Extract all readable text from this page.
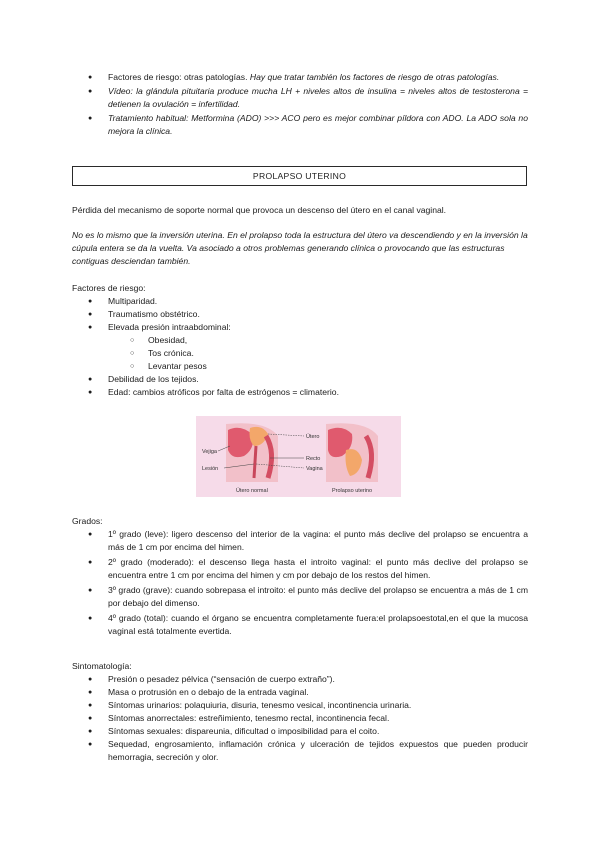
● Factores de riesgo: otras patologías. Hay que tratar también los factores de riesgo de otras patologías.
● Vídeo: la glándula pituitaria produce mucha LH + niveles altos de insulina = niveles altos de testosterona = detienen la ovulación = infertilidad.
● Tratamiento habitual: Metformina (ADO) >>> ACO pero es mejor combinar píldora con ADO. La ADO sola no mejora la clínica.
PROLAPSO UTERINO
Pérdida del mecanismo de soporte normal que provoca un descenso del útero en el canal vaginal.
No es lo mismo que la inversión uterina. En el prolapso toda la estructura del útero va descendiendo y en la inversión la cúpula entera se da la vuelta. Va asociado a otros problemas generando clínica o provocando que las estructuras contiguas desciendan también.
Factores de riesgo:
● Multiparidad.
● Traumatismo obstétrico.
● Elevada presión intraabdominal:
○ Obesidad,
○ Tos crónica.
○ Levantar pesos
● Debilidad de los tejidos.
● Edad: cambios atróficos por falta de estrógenos = climaterio.
Útero
Vejiga
Recto
Lesión	Vagina
Útero normal	Prolapso uterino
Grados:
● 1º grado (leve): ligero descenso del interior de la vagina: el punto más declive del prolapso se encuentra a más de 1 cm por encima del himen.
● 2º grado (moderado): el descenso llega hasta el introito vaginal: el punto más declive del prolapso se encuentra entre 1 cm por encima del himen y cm por debajo de los restos del himen.
● 3º grado (grave): cuando sobrepasa el introito: el punto más declive del prolapso se encuentra a más de 1 cm por debajo del dimenso.
● 4º grado (total): cuando el órgano se encuentra completamente fuera:el prolapsoestotal,en el que la mucosa vaginal está totalmente evertida.
Sintomatología:
● Presión o pesadez pélvica (“sensación de cuerpo extraño”).
● Masa o protrusión en o debajo de la entrada vaginal.
● Síntomas urinarios: polaquiuria, disuria, tenesmo vesical, incontinencia urinaria.
● Síntomas anorrectales: estreñimiento, tenesmo rectal, incontinencia fecal.
● Síntomas sexuales: dispareunia, dificultad o imposibilidad para el coito.
● Sequedad, engrosamiento, inflamación crónica y ulceración de tejidos expuestos que pueden producir hemorragia, secreción y olor.
